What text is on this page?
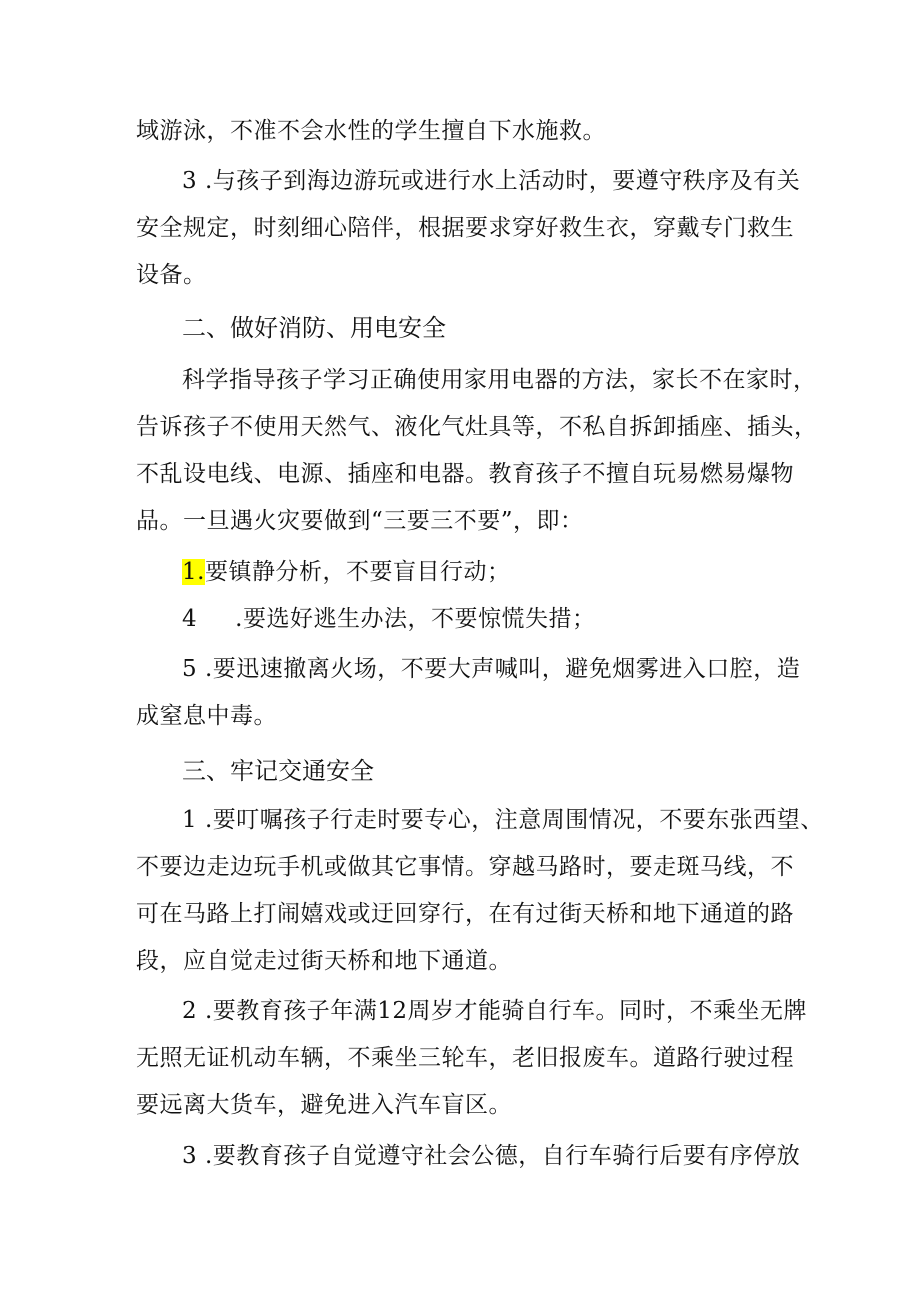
域游泳，不准不会水性的学生擅自下水施救。
3 .与孩子到海边游玩或进行水上活动时，要遵守秩序及有关
安全规定，时刻细心陪伴，根据要求穿好救生衣，穿戴专门救生
设备。
二、做好消防、用电安全
科学指导孩子学习正确使用家用电器的方法，家长不在家时，
告诉孩子不使用天然气、液化气灶具等，不私自拆卸插座、插头，
不乱设电线、电源、插座和电器。教育孩子不擅自玩易燃易爆物
品。一旦遇火灾要做到“三要三不要”，即：
1.要镇静分析，不要盲目行动；
4 .要选好逃生办法，不要惊慌失措；
5 .要迅速撤离火场，不要大声喊叫，避免烟雾进入口腔，造
成窒息中毒。
三、牢记交通安全
1 .要叮嘱孩子行走时要专心，注意周围情况，不要东张西望、
不要边走边玩手机或做其它事情。穿越马路时，要走斑马线，不
可在马路上打闹嬉戏或迂回穿行，在有过街天桥和地下通道的路
段，应自觉走过街天桥和地下通道。
2 .要教育孩子年满12周岁才能骑自行车。同时，不乘坐无牌
无照无证机动车辆，不乘坐三轮车，老旧报废车。道路行驶过程
要远离大货车，避免进入汽车盲区。
3 .要教育孩子自觉遵守社会公德，自行车骑行后要有序停放
